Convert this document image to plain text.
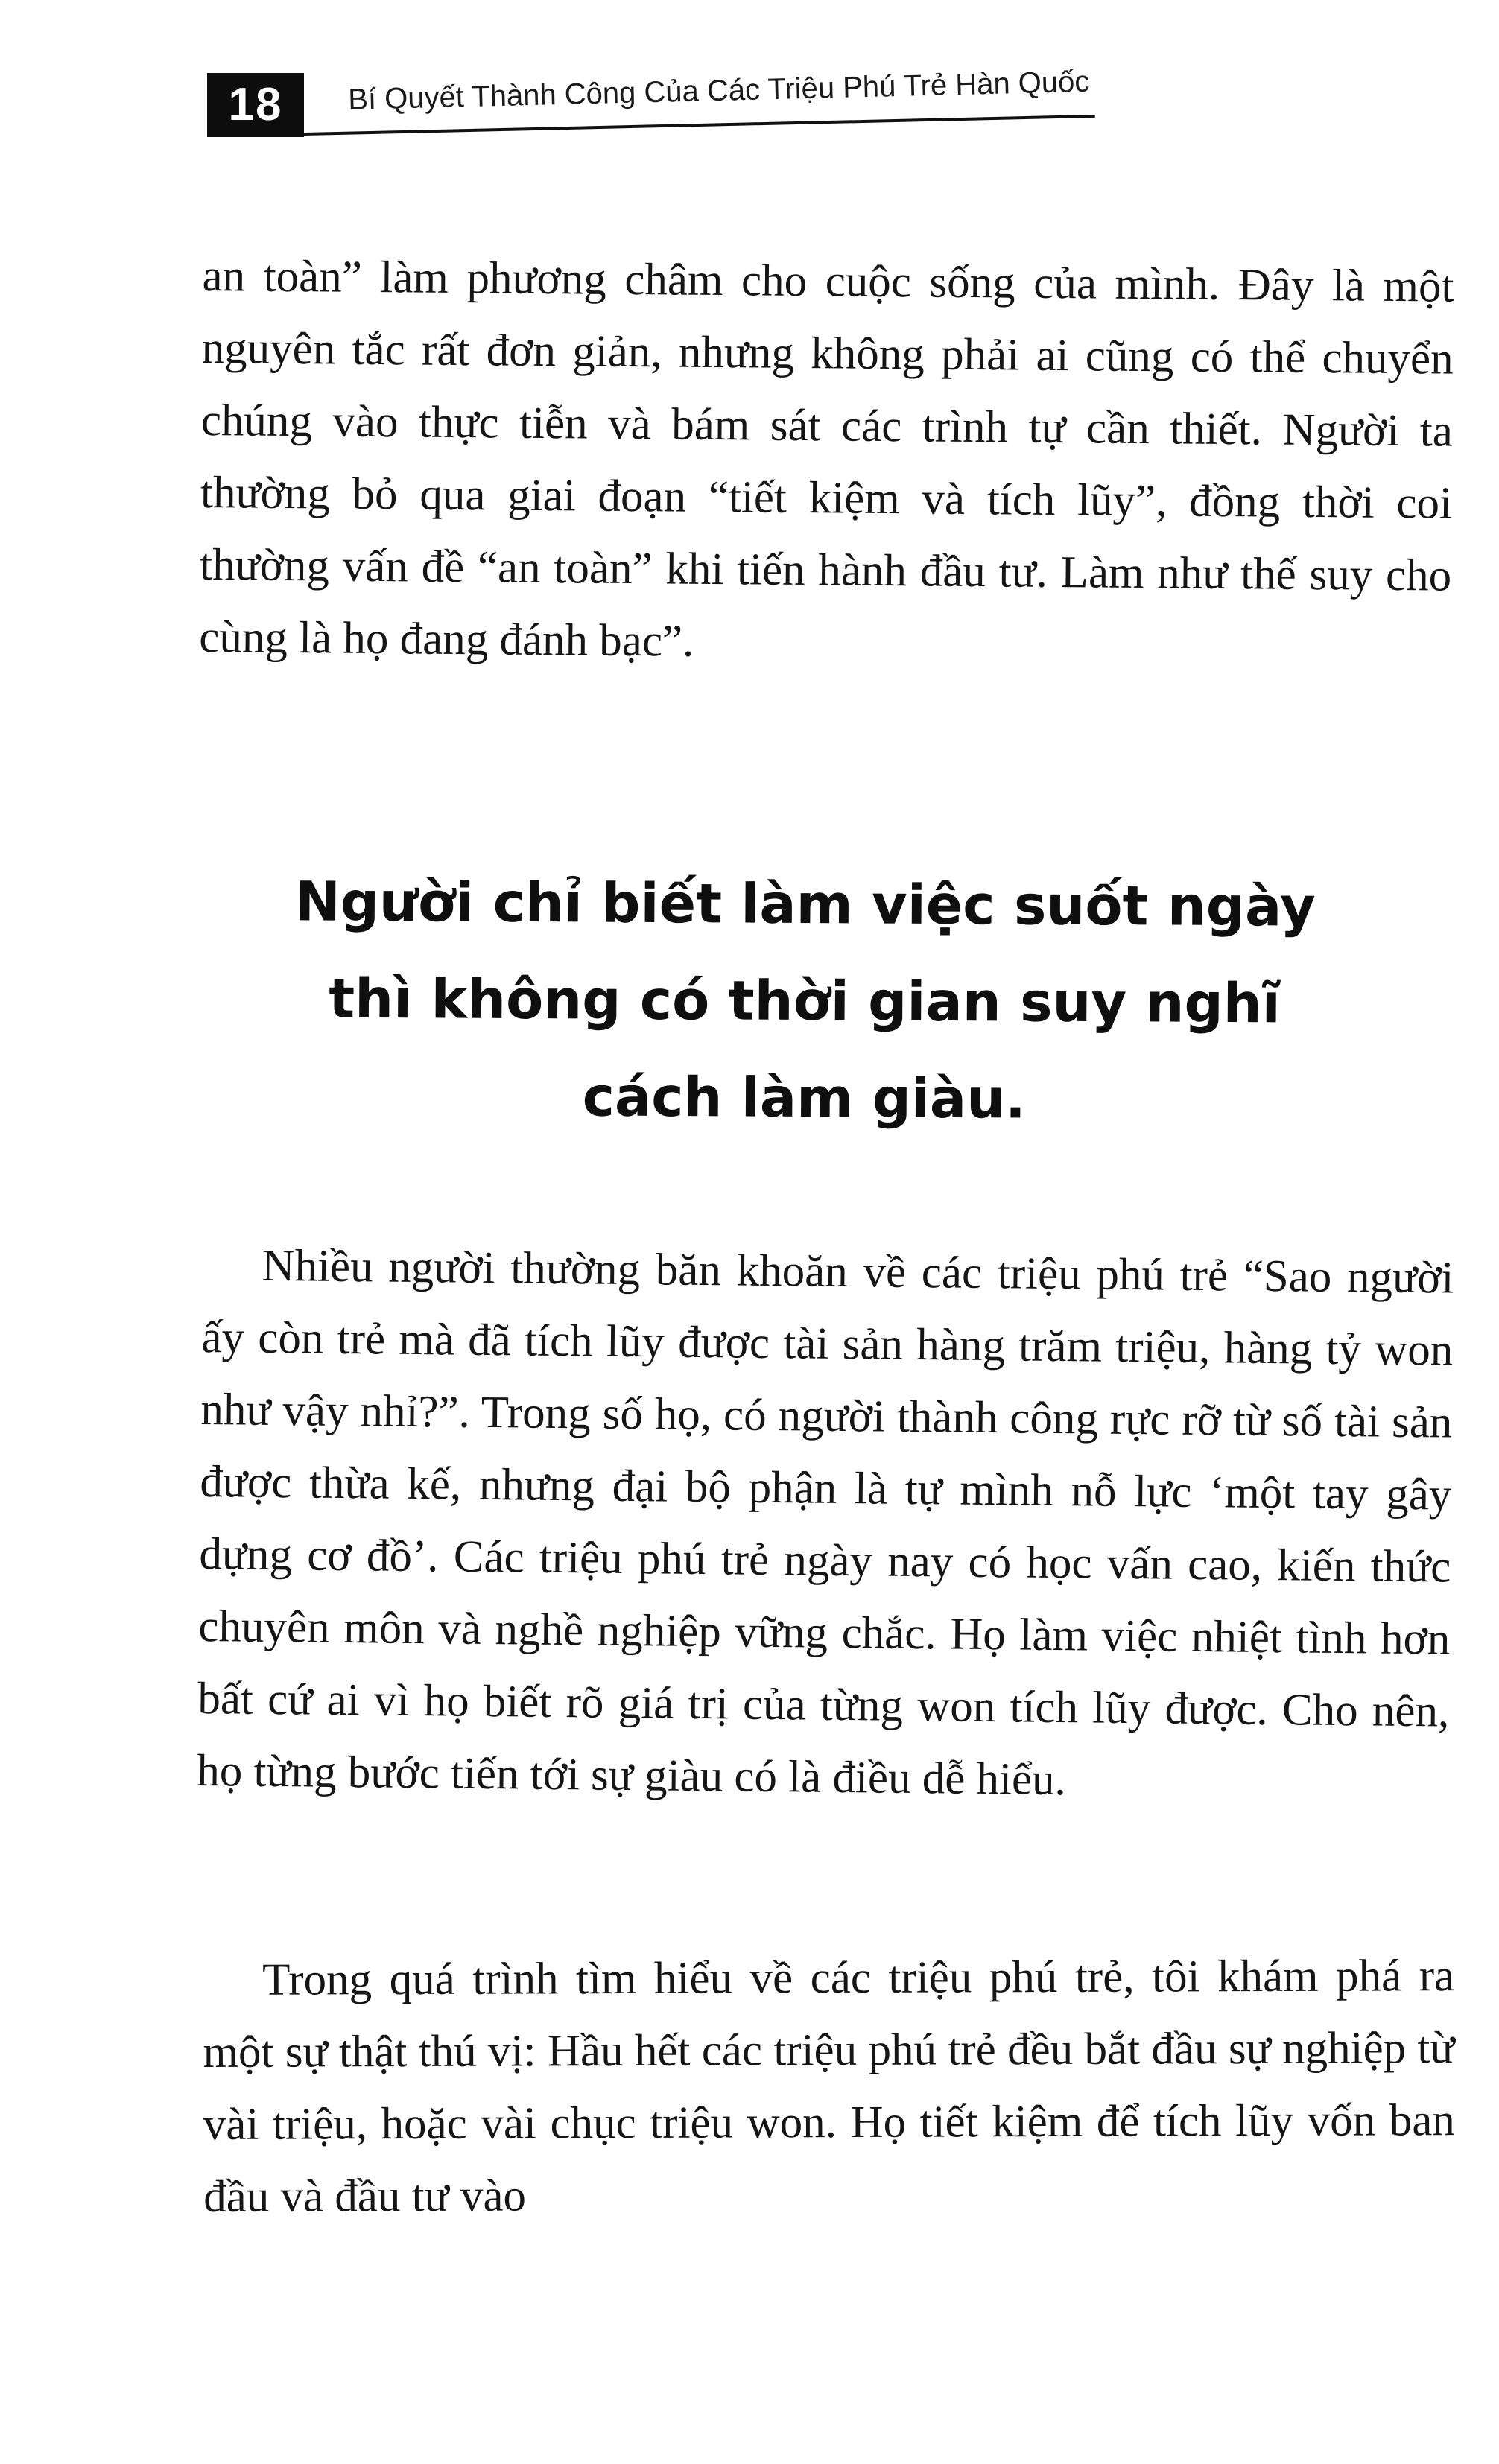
18	Bí Quyết Thành Công Của Các Triệu Phú Trẻ Hàn Quốc

an toàn” làm phương châm cho cuộc sống của mình. Đây là một nguyên tắc rất đơn giản, nhưng không phải ai cũng có thể chuyển chúng vào thực tiễn và bám sát các trình tự cần thiết. Người ta thường bỏ qua giai đoạn “tiết kiệm và tích lũy”, đồng thời coi thường vấn đề “an toàn” khi tiến hành đầu tư. Làm như thế suy cho cùng là họ đang đánh bạc”.

Người chỉ biết làm việc suốt ngày
thì không có thời gian suy nghĩ
cách làm giàu.

Nhiều người thường băn khoăn về các triệu phú trẻ “Sao người ấy còn trẻ mà đã tích lũy được tài sản hàng trăm triệu, hàng tỷ won như vậy nhỉ?”. Trong số họ, có người thành công rực rỡ từ số tài sản được thừa kế, nhưng đại bộ phận là tự mình nỗ lực ‘một tay gây dựng cơ đồ’. Các triệu phú trẻ ngày nay có học vấn cao, kiến thức chuyên môn và nghề nghiệp vững chắc. Họ làm việc nhiệt tình hơn bất cứ ai vì họ biết rõ giá trị của từng won tích lũy được. Cho nên, họ từng bước tiến tới sự giàu có là điều dễ hiểu.

Trong quá trình tìm hiểu về các triệu phú trẻ, tôi khám phá ra một sự thật thú vị: Hầu hết các triệu phú trẻ đều bắt đầu sự nghiệp từ vài triệu, hoặc vài chục triệu won. Họ tiết kiệm để tích lũy vốn ban đầu và đầu tư vào
